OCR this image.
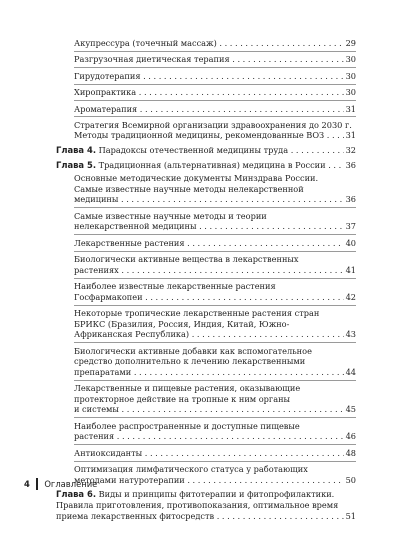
Акупрессура (точечный массаж) . . .	29
Разгрузочная диетическая терапия . . .	30
Гирудотерапия . . .	30
Хиропрактика . . .	30
Ароматерапия . . .	31
Стратегия Всемирной организации здравоохранения до 2030 г.
Методы традиционной медицины, рекомендованные ВОЗ . . .	31
Глава 4. Парадоксы отечественной медицины труда . . .	32
Глава 5. Традиционная (альтернативная) медицина в России . . .	36
Основные методические документы Минздрава России.
Самые известные научные методы нелекарственной
медицины . . .	36
Самые известные научные методы и теории
нелекарственной медицины . . .	37
Лекарственные растения . . .	40
Биологически активные вещества в лекарственных
растениях . . .	41
Наиболее известные лекарственные растения
Госфармакопеи . . .	42
Некоторые тропические лекарственные растения стран
БРИКС (Бразилия, Россия, Индия, Китай, Южно-
Африканская Республика) . . .	43
Биологически активные добавки как вспомогательное
средство дополнительно к лечению лекарственными
препаратами . . .	44
Лекарственные и пищевые растения, оказывающие
протекторное действие на тропные к ним органы
и системы . . .	45
Наиболее распространенные и доступные пищевые
растения . . .	46
Антиоксиданты . . .	48
Оптимизация лимфатического статуса у работающих
методами натуротерапии . . .	50
Глава 6. Виды и принципы фитотерапии и фитопрофилактики.
Правила приготовления, противопоказания, оптимальное время
приема лекарственных фитосредств . . .	51
4 Оглавление
